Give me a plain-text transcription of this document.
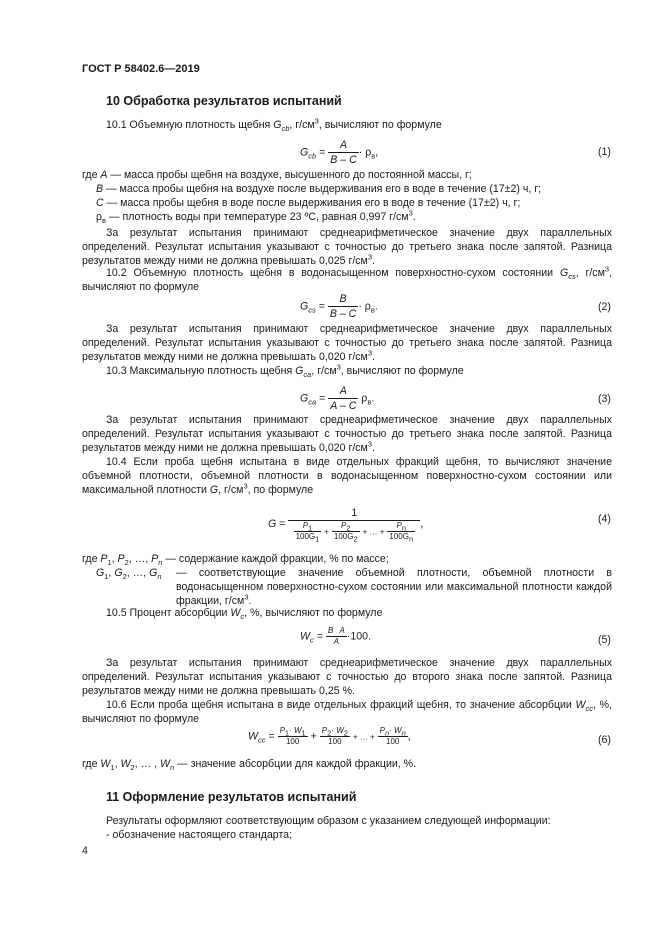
ГОСТ Р 58402.6—2019
10 Обработка результатов испытаний
10.1 Объемную плотность щебня $G_{cb}$, $г/см^3$, вычисляют по формуле
$G_{cb} = \frac{A}{B - C} \cdot \rho_в$,	(1)
где A — масса пробы щебня на воздухе, высушенного до постоянной массы, г;
B — масса пробы щебня на воздухе после выдерживания его в воде в течение (17±2) ч, г;
C — масса пробы щебня в воде после выдерживания его в воде в течение (17±2) ч, г;
$\rho_в$ — плотность воды при температуре 23 ºС, равная 0,997 $г/см^3$.
За результат испытания принимают среднеарифметическое значение двух параллельных определений. Результат испытания указывают с точностью до третьего знака после запятой. Разница результатов между ними не должна превышать 0,025 $г/см^3$.
10.2 Объемную плотность щебня в водонасыщенном поверхностно-сухом состоянии $G_{cs}$, $г/см^3$, вычисляют по формуле
$G_{cs} = \frac{B}{B - C} \cdot \rho_в$.	(2)
За результат испытания принимают среднеарифметическое значение двух параллельных определений. Результат испытания указывают с точностью до третьего знака после запятой. Разница результатов между ними не должна превышать 0,020 $г/см^3$.
10.3 Максимальную плотность щебня $G_{са}$, $г/см^3$, вычисляют по формуле
$G_{са} = \frac{A}{A - C} \rho_в$.	(3)
За результат испытания принимают среднеарифметическое значение двух параллельных определений. Результат испытания указывают с точностью до третьего знака после запятой. Разница результатов между ними не должна превышать 0,020 $г/см^3$.
10.4 Если проба щебня испытана в виде отдельных фракций щебня, то вычисляют значение объемной плотности, объемной плотности в водонасыщенном поверхностно-сухом состоянии или максимальной плотности G, $г/см^3$, по формуле
$G = \frac{1}{\frac{P_1}{100G_1} + \frac{P_2}{100G_2} + \dots + \frac{P_n}{100G_n}}$ ,	(4)
где $P_1$, $P_2$, …, $P_n$ — содержание каждой фракции, % по массе;
$G_1$, $G_2$, …, $G_n$ — соответствующие значение объемной плотности, объемной плотности в водонасыщенном поверхностно-сухом состоянии или максимальной плотности каждой фракции, $г/см^3$.
10.5 Процент абсорбции $W_c$, %, вычисляют по формуле
$W_c = \frac{\text{B   A}}{A} \cdot 100$.	(5)
За результат испытания принимают среднеарифметическое значение двух параллельных определений. Результат испытания указывают с точностью до второго знака после запятой. Разница результатов между ними не должна превышать 0,25 %.
10.6 Если проба щебня испытана в виде отдельных фракций щебня, то значение абсорбции $W_{cc}$, %, вычисляют по формуле
$W_{cc} = \frac{P_1\cdot W_1}{100} + \frac{P_2\cdot W_2}{100}$ + … + $\frac{P_n\cdot W_n}{100}$ ,	(6)
где $W_1$, $W_2$, … , $W_n$ — значение абсорбции для каждой фракции, %.
11 Оформление результатов испытаний
Результаты оформляют соответствующим образом с указанием следующей информации:
- обозначение настоящего стандарта;
4
